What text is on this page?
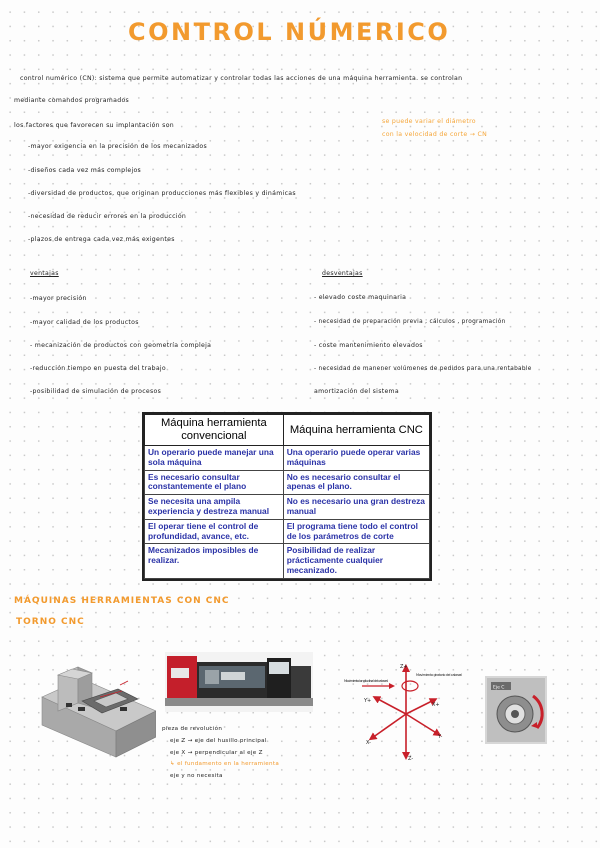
CONTROL NÚMERICO
control numérico (CN): sistema que permite automatizar y controlar todas las acciones de una máquina herramienta. se controlan
mediante comandos programados
los factores que favorecen su implantación son
-mayor exigencia en la precisión de los mecanizados
-diseños cada vez más complejos
-diversidad de productos, que originan producciones más flexibles y dinámicas
-necesidad de reducir errores en la producción
-plazos de entrega cada vez más exigentes
se puede variar el diámetro
con la velocidad de corte → CN
ventajas
-mayor precisión
-mayor calidad de los productos
- mecanización de productos con geometría compleja
-reducción tiempo en puesta del trabajo
-posibilidad de simulación de procesos
desventajas
- elevado coste maquinaria
- necesidad de preparación previa ; cálculos , programación
- coste mantenimiento elevados
- necesidad de manener volúmenes de pedidos para una rentabable
amortización del sistema
Máquina herramienta convencional	Máquina herramienta CNC
Un operario puede manejar una sola máquina	Una operario puede operar varias máquinas
Es necesario consultar constantemente el plano	No es necesario consultar el apenas el plano.
Se necesita una ampila experiencia y destreza manual	No es necesario una gran destreza manual
El operar tiene el control de profundidad, avance, etc.	El programa tiene todo el control de los parámetros de corte
Mecanizados imposibles de realizar.	Posibilidad de realizar prácticamente cualquier mecanizado.
MÁQUINAS HERRAMIENTAS CON CNC
TORNO CNC
pieza de revolución
eje Z → eje del husillo principal
eje X → perpendicular al eje Z
↳ el fundamento en la herramienta
eje y no necesita
Z+
Z-
X+
X-
Y+
Y-
Movimiento longitudinal del cabezal
Movimiento giratorio del cabezal
Eje C
